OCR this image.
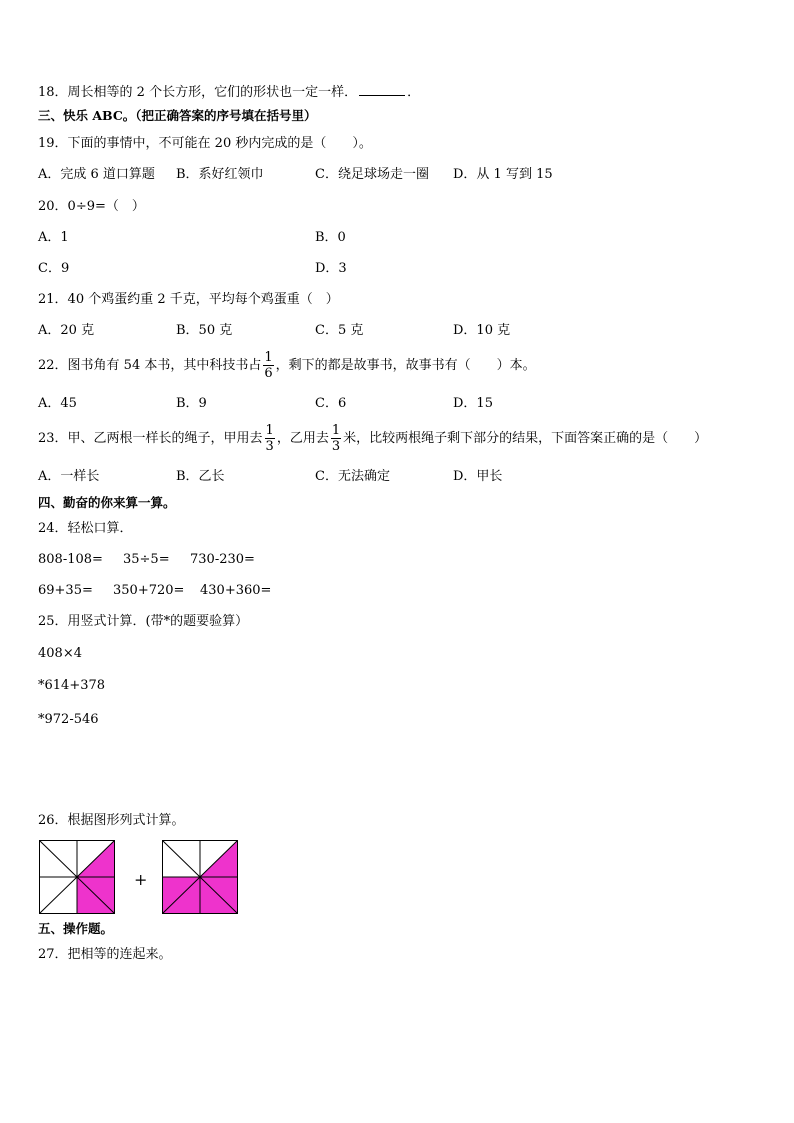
18．周长相等的 2 个长方形，它们的形状也一定一样．	．
三、快乐 ABC。（把正确答案的序号填在括号里）
19．下面的事情中，不可能在 20 秒内完成的是（　　）。
A．完成 6 道口算题 B．系好红领巾	C．绕足球场走一圈 D．从 1 写到 15
20．0÷9=（　）
A．1	B．0
C．9	D．3
21．40 个鸡蛋约重 2 千克，平均每个鸡蛋重（　）
A．20 克	B．50 克	C．5 克	D．10 克
22．图书角有 54 本书，其中科技书占 $\frac{1}{6}$ ，剩下的都是故事书，故事书有（　　）本。
A．45	B．9	C．6	D．15
23．甲、乙两根一样长的绳子，甲用去 $\frac{1}{3}$ ，乙用去 $\frac{1}{3}$ 米，比较两根绳子剩下部分的结果，下面答案正确的是（　　）
A．一样长	B．乙长	C．无法确定	D．甲长
四、勤奋的你来算一算。
24．轻松口算．
808-108= 35÷5= 730-230=
69+35= 350+720= 430+360=
25．用竖式计算．(带*的题要验算）
408×4
*614+378
*972-546
26．根据图形列式计算。
+
五、操作题。
27．把相等的连起来。
